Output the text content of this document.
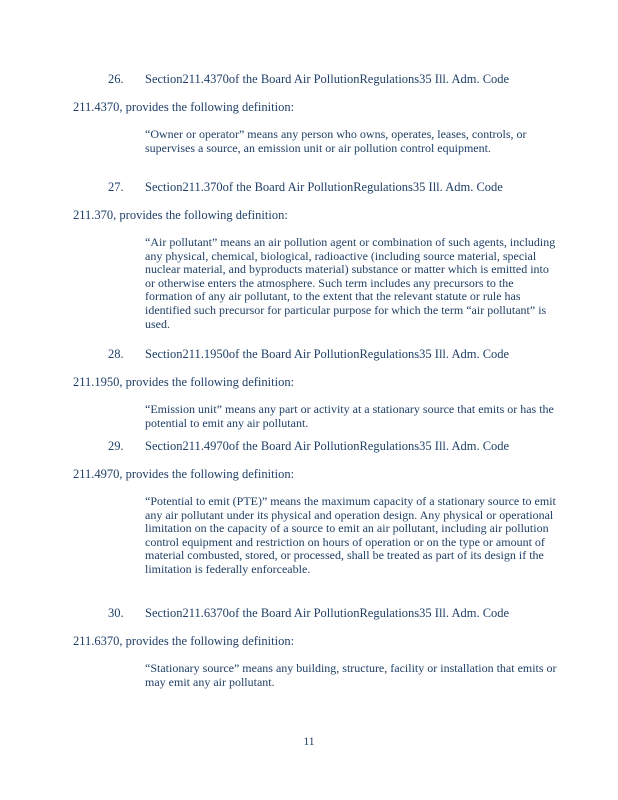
26. Section211.4370of the Board Air PollutionRegulations35 Ill. Adm. Code
211.4370, provides the following definition:
“Owner or operator” means any person who owns, operates, leases, controls, or supervises a source, an emission unit or air pollution control equipment.
27. Section211.370of the Board Air PollutionRegulations35 Ill. Adm. Code
211.370, provides the following definition:
“Air pollutant” means an air pollution agent or combination of such agents, including any physical, chemical, biological, radioactive (including source material, special nuclear material, and byproducts material) substance or matter which is emitted into or otherwise enters the atmosphere. Such term includes any precursors to the formation of any air pollutant, to the extent that the relevant statute or rule has identified such precursor for particular purpose for which the term “air pollutant” is used.
28. Section211.1950of the Board Air PollutionRegulations35 Ill. Adm. Code
211.1950, provides the following definition:
“Emission unit” means any part or activity at a stationary source that emits or has the potential to emit any air pollutant.
29. Section211.4970of the Board Air PollutionRegulations35 Ill. Adm. Code
211.4970, provides the following definition:
“Potential to emit (PTE)” means the maximum capacity of a stationary source to emit any air pollutant under its physical and operation design. Any physical or operational limitation on the capacity of a source to emit an air pollutant, including air pollution control equipment and restriction on hours of operation or on the type or amount of material combusted, stored, or processed, shall be treated as part of its design if the limitation is federally enforceable.
30. Section211.6370of the Board Air PollutionRegulations35 Ill. Adm. Code
211.6370, provides the following definition:
“Stationary source” means any building, structure, facility or installation that emits or may emit any air pollutant.
11
